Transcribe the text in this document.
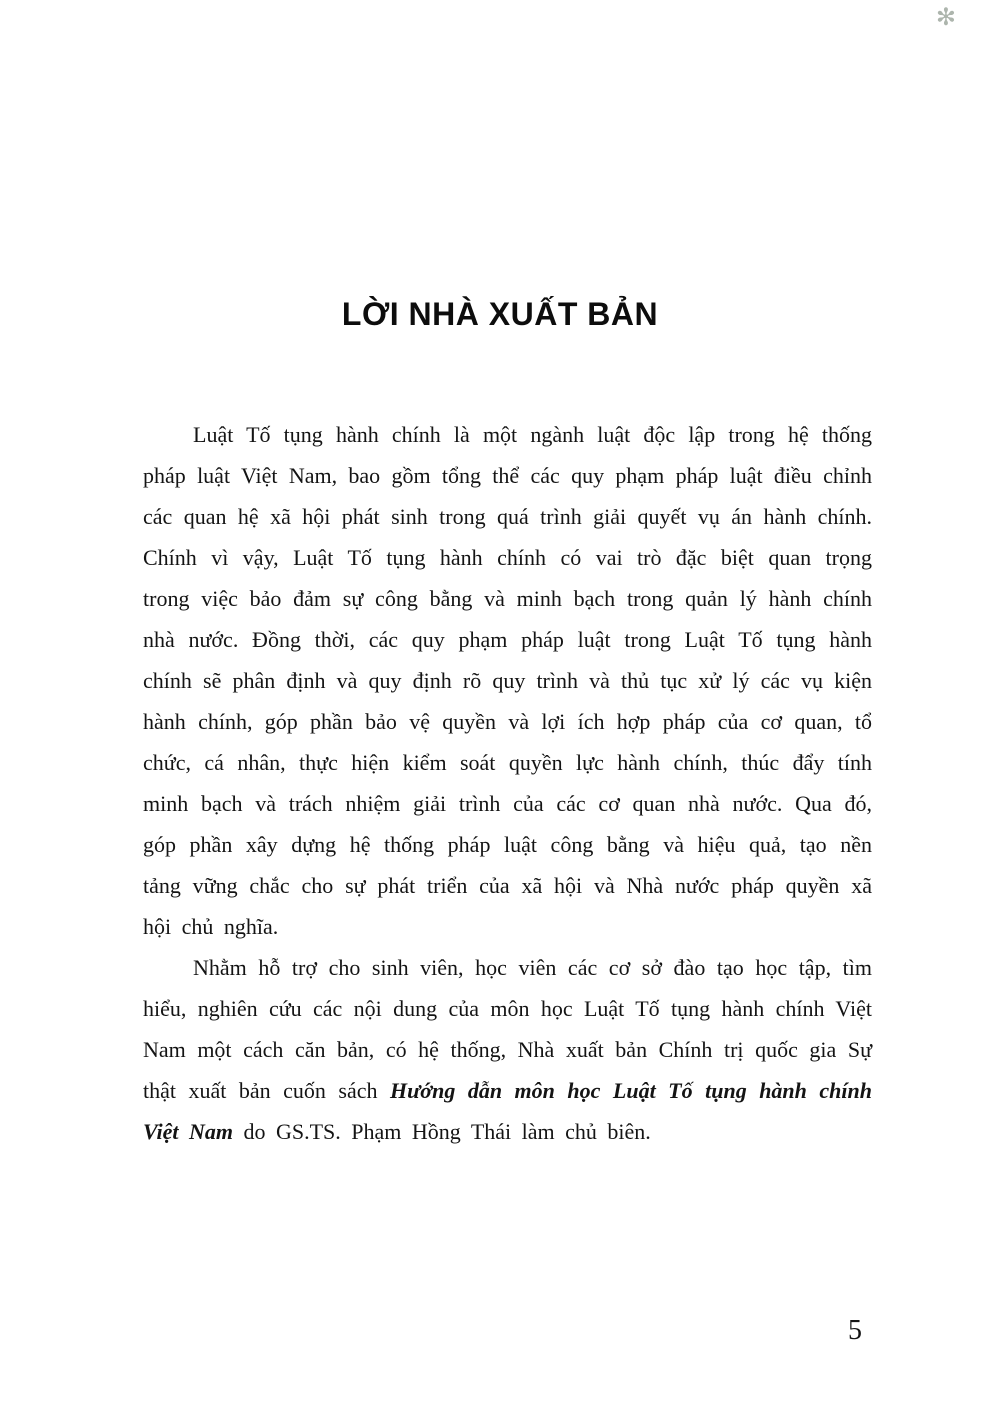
✻
LỜI NHÀ XUẤT BẢN

Luật Tố tụng hành chính là một ngành luật độc lập trong hệ thống pháp luật Việt Nam, bao gồm tổng thể các quy phạm pháp luật điều chỉnh các quan hệ xã hội phát sinh trong quá trình giải quyết vụ án hành chính. Chính vì vậy, Luật Tố tụng hành chính có vai trò đặc biệt quan trọng trong việc bảo đảm sự công bằng và minh bạch trong quản lý hành chính nhà nước. Đồng thời, các quy phạm pháp luật trong Luật Tố tụng hành chính sẽ phân định và quy định rõ quy trình và thủ tục xử lý các vụ kiện hành chính, góp phần bảo vệ quyền và lợi ích hợp pháp của cơ quan, tổ chức, cá nhân, thực hiện kiểm soát quyền lực hành chính, thúc đẩy tính minh bạch và trách nhiệm giải trình của các cơ quan nhà nước. Qua đó, góp phần xây dựng hệ thống pháp luật công bằng và hiệu quả, tạo nền tảng vững chắc cho sự phát triển của xã hội và Nhà nước pháp quyền xã hội chủ nghĩa.

Nhằm hỗ trợ cho sinh viên, học viên các cơ sở đào tạo học tập, tìm hiểu, nghiên cứu các nội dung của môn học Luật Tố tụng hành chính Việt Nam một cách căn bản, có hệ thống, Nhà xuất bản Chính trị quốc gia Sự thật xuất bản cuốn sách Hướng dẫn môn học Luật Tố tụng hành chính Việt Nam do GS.TS. Phạm Hồng Thái làm chủ biên.

5
